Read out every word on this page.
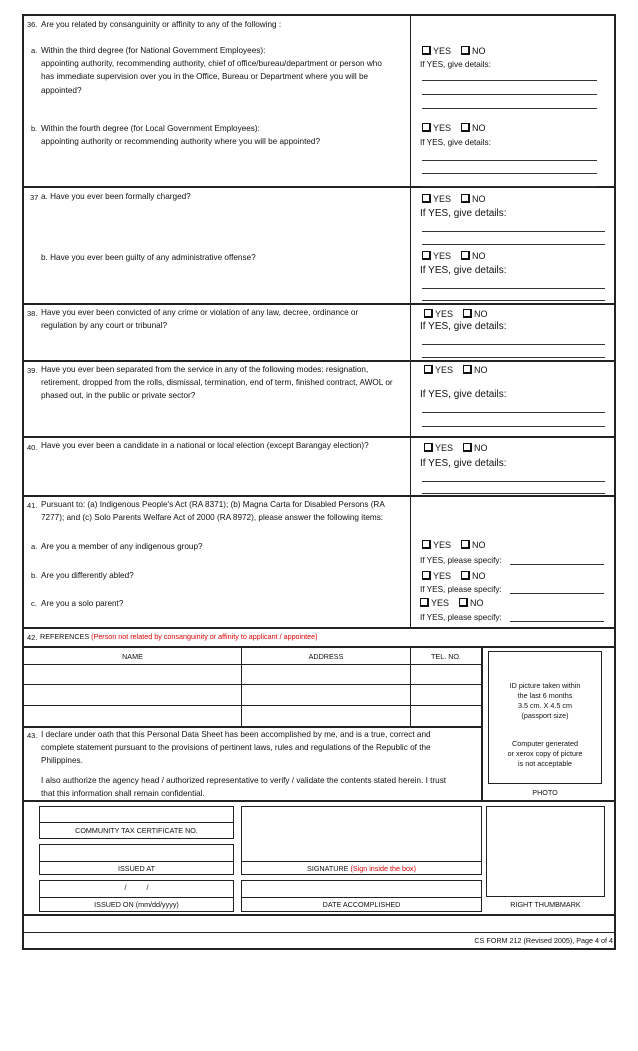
36. Are you related by consanguinity or affinity to any of the following :
a. Within the third degree (for National Government Employees):
appointing authority, recommending authority, chief of office/bureau/department or person who
has immediate supervision over you in the Office, Bureau or Department where you will be
appointed?
YES NO
If YES, give details:
b. Within the fourth degree (for Local Government Employees):
appointing authority or recommending authority where you will be appointed?
YES NO
If YES, give details:
37 a. Have you ever been formally charged?	YES NO
If YES, give details:
b. Have you ever been guilty of any administrative offense?	YES NO
If YES, give details:
38. Have you ever been convicted of any crime or violation of any law, decree, ordinance or
regulation by any court or tribunal?
YES NO
If YES, give details:
39. Have you ever been separated from the service in any of the following modes: resignation,
retirement, dropped from the rolls, dismissal, termination, end of term, finished contract, AWOL or
phased out, in the public or private sector?
YES NO
If YES, give details:
40. Have you ever been a candidate in a national or local election (except Barangay election)?	YES NO
If YES, give details:
41. Pursuant to: (a) Indigenous People's Act (RA 8371); (b) Magna Carta for Disabled Persons (RA
7277); and (c) Solo Parents Welfare Act of 2000 (RA 8972), please answer the following items:
a. Are you a member of any indigenous group?	YES NO
If YES, please specify:
b. Are you differently abled?	YES NO
If YES, please specify:
c. Are you a solo parent?	YES NO
If YES, please specify:
42. REFERENCES (Person not related by consanguinity or affinity to applicant / appointee)
NAME	ADDRESS	TEL. NO.
ID picture taken within
the last 6 months
3.5 cm. X 4.5 cm
(passport size)
Computer generated
or xerox copy of picture
is not acceptable
PHOTO
43. I declare under oath that this Personal Data Sheet has been accomplished by me, and is a true, correct and
complete statement pursuant to the provisions of pertinent laws, rules and regulations of the Republic of the
Philippines.
I also authorize the agency head / authorized representative to verify / validate the contents stated herein. I trust
that this information shall remain confidential.
COMMUNITY TAX CERTIFICATE NO.
ISSUED AT
/          /
ISSUED ON (mm/dd/yyyy)
SIGNATURE (Sign inside the box)
DATE ACCOMPLISHED	RIGHT THUMBMARK
CS FORM 212 (Revised 2005), Page 4 of 4
